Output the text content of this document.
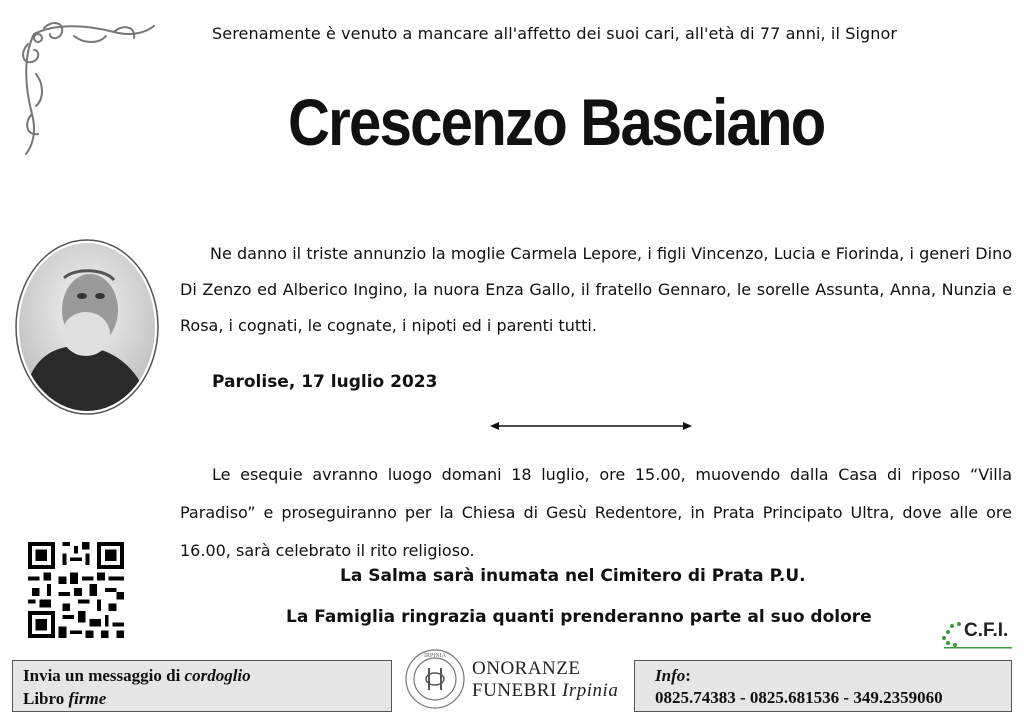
Serenamente è venuto a mancare all'affetto dei suoi cari, all'età di 77 anni, il Signor
Crescenzo Basciano
Ne danno il triste annunzio la moglie Carmela Lepore, i figli Vincenzo, Lucia e Fiorinda, i generi Dino Di Zenzo ed Alberico Ingino, la nuora Enza Gallo, il fratello Gennaro, le sorelle Assunta, Anna, Nunzia e Rosa, i cognati, le cognate, i nipoti ed i parenti tutti.
Parolise, 17 luglio 2023
Le esequie avranno luogo domani 18 luglio, ore 15.00, muovendo dalla Casa di riposo “Villa Paradiso” e proseguiranno per la Chiesa di Gesù Redentore, in Prata Principato Ultra, dove alle ore 16.00, sarà celebrato il rito religioso.
La Salma sarà inumata nel Cimitero di Prata P.U.
La Famiglia ringrazia quanti prenderanno parte al suo dolore
C.F.I.
Invia un messaggio di cordoglio
Libro firme
IRPINIA
ONORANZE
FUNEBRI Irpinia
Info:
0825.74383 - 0825.681536 - 349.2359060
